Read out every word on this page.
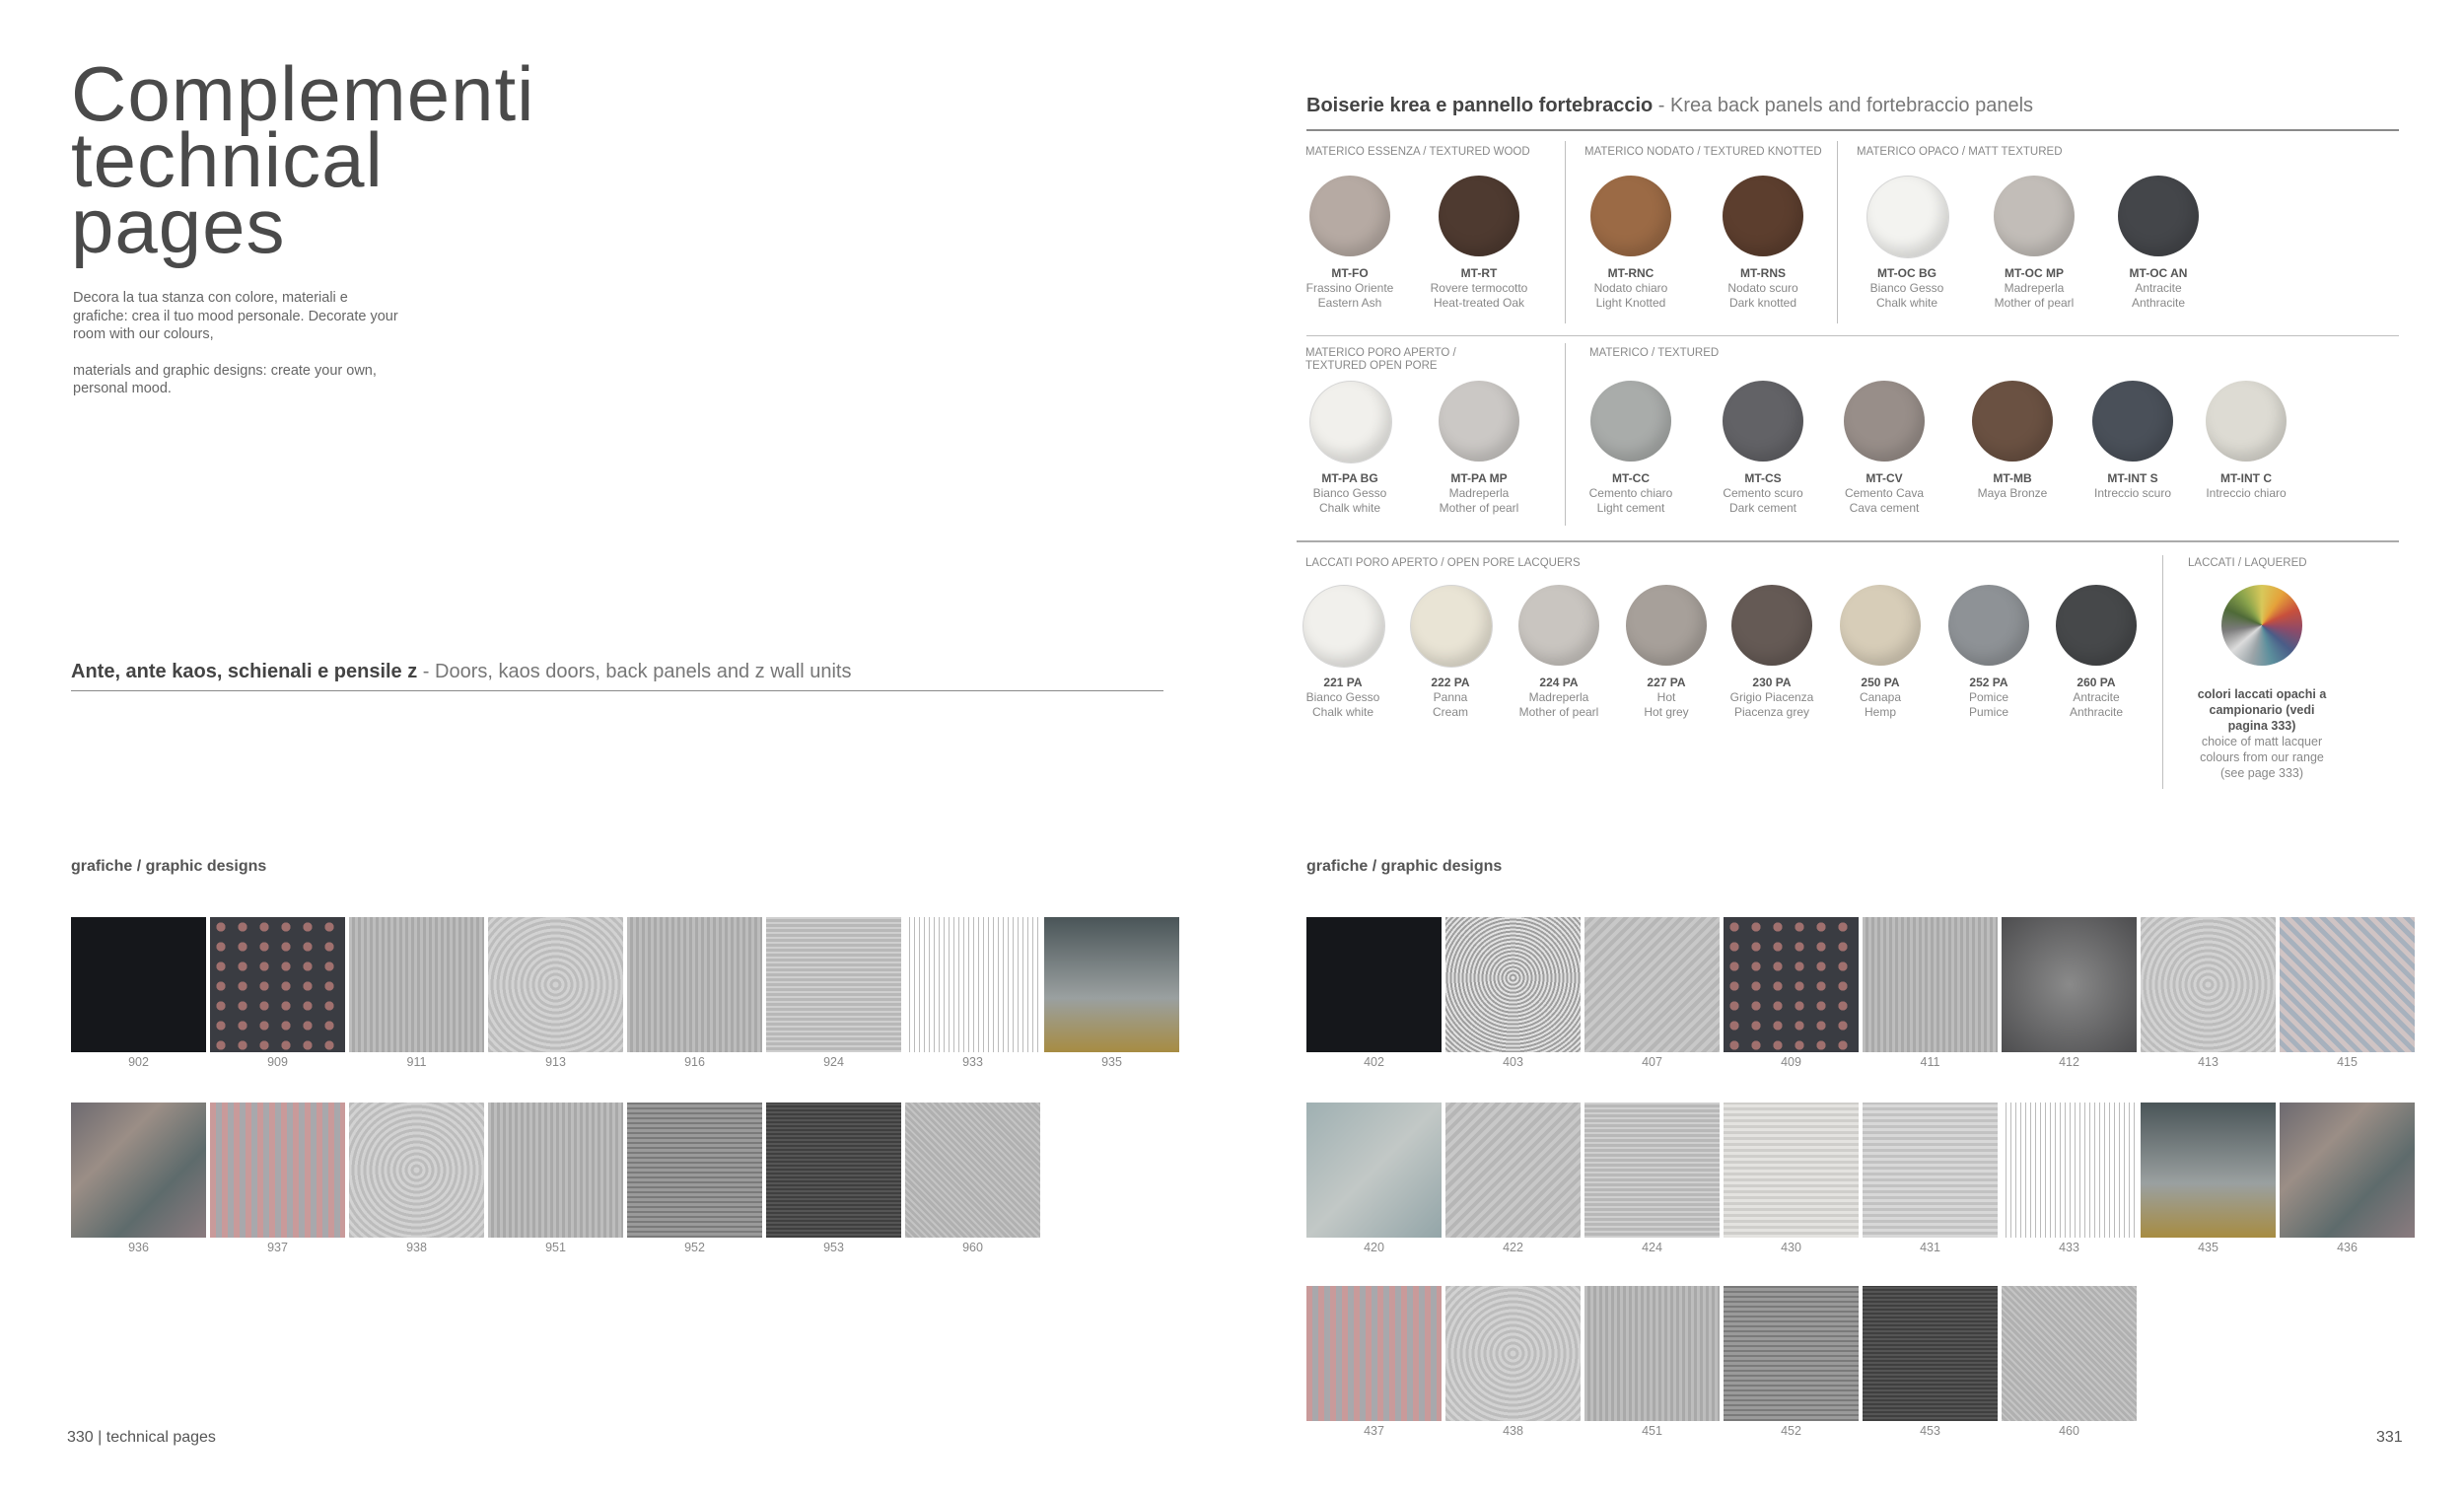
Complementi
technical
pages

Decora la tua stanza con colore, materiali e grafiche: crea il tuo mood personale. Decorate your room with our colours,

materials and graphic designs: create your own, personal mood.

Ante, ante kaos, schienali e pensile z - Doors, kaos doors, back panels and z wall units
grafiche / graphic designs
902	909	911	913	916	924	933	935
936	937	938	951	952	953	960
330 | technical pages
Boiserie krea e pannello fortebraccio - Krea back panels and fortebraccio panels
MATERICO ESSENZA / TEXTURED WOOD	MATERICO NODATO / TEXTURED KNOTTED	MATERICO OPACO / MATT TEXTURED
MATERICO PORO APERTO / TEXTURED OPEN PORE
MATERICO / TEXTURED
LACCATI PORO APERTO / OPEN PORE LACQUERS	LACCATI / LAQUERED
MT-FO
Frassino Oriente
Eastern Ash
MT-RT
Rovere termocotto
Heat-treated Oak
MT-RNC
Nodato chiaro
Light Knotted
MT-RNS
Nodato scuro
Dark knotted
MT-OC BG
Bianco Gesso
Chalk white
MT-OC MP
Madreperla
Mother of pearl
MT-OC AN
Antracite
Anthracite
MT-PA BG
Bianco Gesso
Chalk white
MT-PA MP
Madreperla
Mother of pearl
MT-CC
Cemento chiaro
Light cement
MT-CS
Cemento scuro
Dark cement
MT-CV
Cemento Cava
Cava cement
MT-MB
Maya Bronze
MT-INT S
Intreccio scuro
MT-INT C
Intreccio chiaro
221 PA
Bianco Gesso
Chalk white
222 PA
Panna
Cream
224 PA
Madreperla
Mother of pearl
227 PA
Hot
Hot grey
230 PA
Grigio Piacenza
Piacenza grey
250 PA
Canapa
Hemp
252 PA
Pomice
Pumice
260 PA
Antracite
Anthracite
colori laccati opachi a campionario (vedi pagina 333)
choice of matt lacquer colours from our range (see page 333)
grafiche / graphic designs
402	403	407	409	411	412	413	415
420	422	424	430	431	433	435	436
437	438	451	452	453	460	331
